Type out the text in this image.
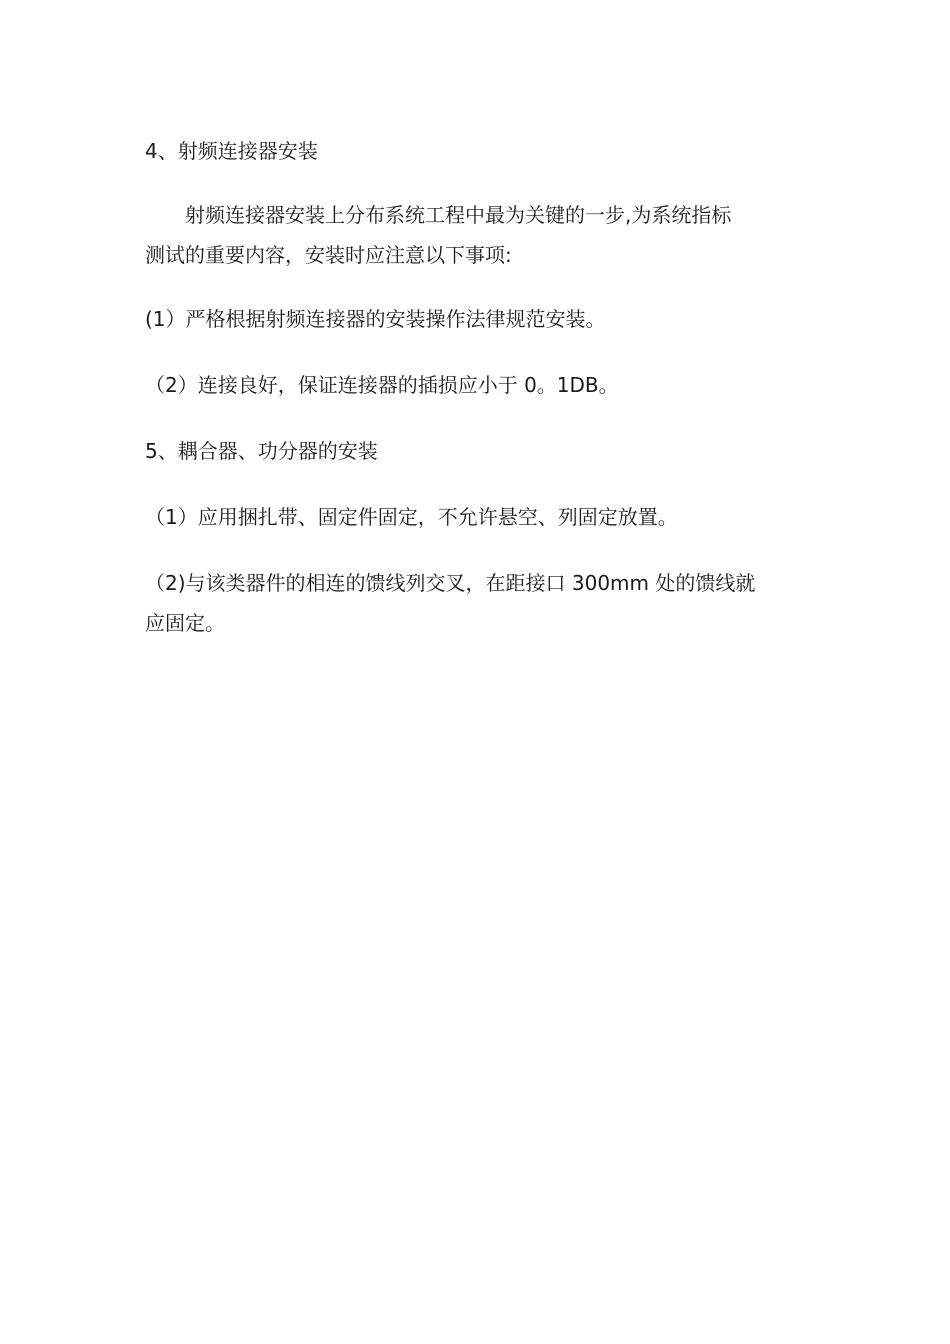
4、射频连接器安装
射频连接器安装上分布系统工程中最为关键的一步,为系统指标
测试的重要内容，安装时应注意以下事项:
(1）严格根据射频连接器的安装操作法律规范安装。
（2）连接良好，保证连接器的插损应小于 0。1DB。
5、耦合器、功分器的安装
（1）应用捆扎带、固定件固定，不允许悬空、列固定放置。
（2)与该类器件的相连的馈线列交叉，在距接口 300mm 处的馈线就
应固定。
